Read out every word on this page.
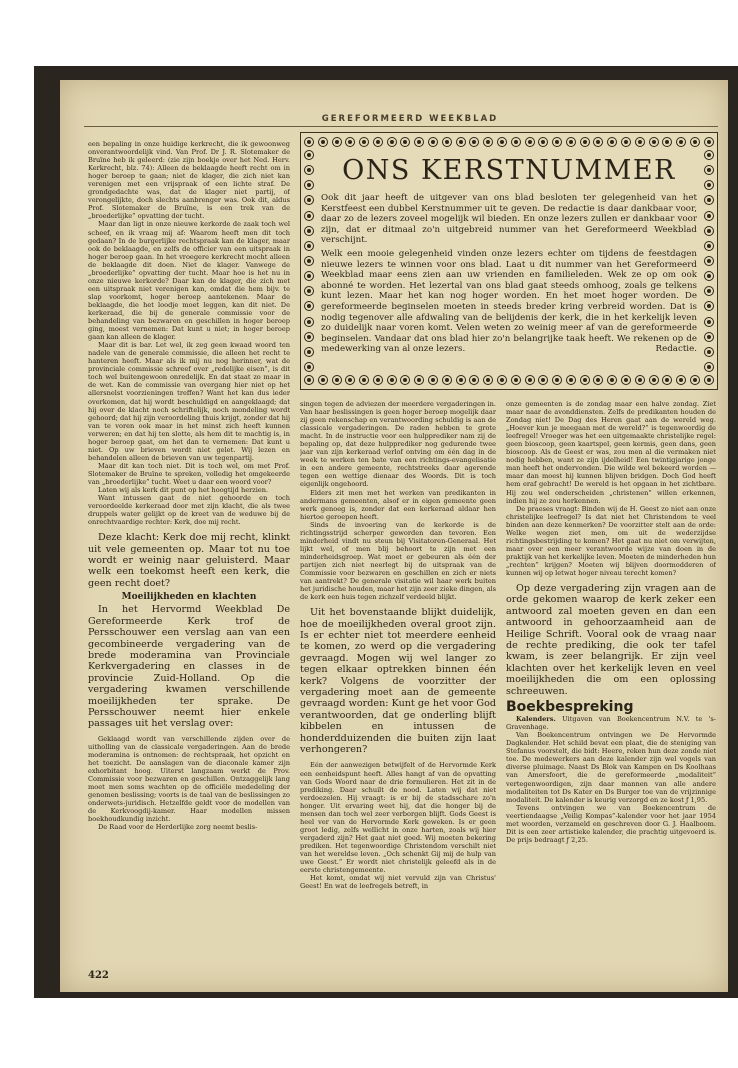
GEREFORMEERD WEEKBLAD

een bepaling in onze huidige kerkrecht, die ik gewoonweg onverantwoordelijk vind. Van Prof. Dr J. R. Slotemaker de Bruïne heb ik geleerd: (zie zijn boekje over het Ned. Herv. Kerkrecht, blz. 74): Alleen de beklaagde heeft recht om in hoger beroep te gaan; niet de klager, die zich niet kan verenigen met een vrijspraak of een lichte straf. De grondgedachte was, dat de klager niet partij, of verongelijkte, doch slechts aanbrenger was. Ook dit, aldus Prof. Slotemaker de Bruïne, is een trek van de „broederlijke” opvatting der tucht.

Maar dan ligt in onze nieuwe kerkorde de zaak toch wel scheef, en ik vraag mij af: Waarom heeft men dit toch gedaan? In de burgerlijke rechtspraak kan de klager, maar ook de beklaagde, en zelfs de officier van een uitspraak in hoger beroep gaan. In het vroegere kerkrecht mocht alleen de beklaagde dit doen. Niet de klager. Vanwege de „broederlijke” opvatting der tucht. Maar hoe is het nu in onze nieuwe kerkorde? Daar kan de klager, die zich met een uitspraak niet verenigen kan, omdat die hem bijv. te slap voorkomt, hoger beroep aantekenen. Maar de beklaagde, die het loodje moet leggen, kan dit niet. De kerkeraad, die bij de generale commissie voor de behandeling van bezwaren en geschillen in hoger beroep ging, moest vernemen: Dat kunt u niet; in hoger beroep gaan kan alleen de klager.

Maar dit is bar. Let wel, ik zeg geen kwaad woord ten nadele van de generale commissie, die alleen het recht te hanteren heeft. Maar als ik mij nu nog herinner, wat de provinciale commissie schreef over „redelijke eisen”, is dit toch wel buitengewoon onredelijk. En dat staat zo maar in de wet. Kan de commissie van overgang hier niet op het allersnelst voorzieningen treffen? Want het kan dus ieder overkomen, dat hij wordt beschuldigd en aangeklaagd; dat hij over de klacht noch schriftelijk, noch mondeling wordt gehoord; dat hij zijn veroordeling thuis krijgt, zonder dat hij van te voren ook maar in het minst zich heeft kunnen verweren; en dat hij ten slotte, als hem dit te machtig is, in hoger beroep gaat, om het dan te vernemen: Dat kunt u niet. Op uw brieven wordt niet gelet. Wij lezen en behandelen alleen de brieven van uw tegenpartij.

Maar dit kan toch niet. Dit is toch wel, om met Prof. Slotemaker de Bruïne te spreken, volledig het omgekeerde van „broederlijke” tucht. Weet u daar een woord voor?

Laten wij als kerk dit punt op het hoogtijd herzien.

Want intussen gaat de niet gehoorde en toch veroordeelde kerkeraad door met zijn klacht, die als twee druppels water gelijkt op de kreet van de weduwe bij de onrechtvaardige rechter: Kerk, doe mij recht.

Deze klacht: Kerk doe mij recht, klinkt uit vele gemeenten op. Maar tot nu toe wordt er weinig naar geluisterd. Maar welk een toekomst heeft een kerk, die geen recht doet?

Moeilijkheden en klachten

In het Hervormd Weekblad De Gereformeerde Kerk trof de Persschouwer een verslag aan van een gecombineerde vergadering van de brede moderamina van Provinciale Kerkvergadering en classes in de provincie Zuid-Holland. Op die vergadering kwamen verschillende moeilijkheden ter sprake. De Persschouwer neemt hier enkele passages uit het verslag over:

Geklaagd wordt van verschillende zijden over de uitholling van de classicale vergaderingen. Aan de brede moderamina is ontnomen: de rechtspraak, het opzicht en het toezicht. De aanslagen van de diaconale kamer zijn exhorbitant hoog. Uiterst langzaam werkt de Prov. Commissie voor bezwaren en geschillen. Ontzaggelijk lang moet men soms wachten op de officiële mededeling der genomen beslissing; voorts is de taal van de beslissingen zo onderwets-juridisch. Hetzelfde geldt voor de modellen van de Kerkvoogdij-kamer. Haar modellen missen boekhoudkundig inzicht.

De Raad voor de Herderlijke zorg neemt beslis-

ONS KERSTNUMMER

Ook dit jaar heeft de uitgever van ons blad besloten ter gelegenheid van het Kerstfeest een dubbel Kerstnummer uit te geven. De redactie is daar dankbaar voor, daar zo de lezers zoveel mogelijk wil bieden. En onze lezers zullen er dankbaar voor zijn, dat er ditmaal zo'n uitgebreid nummer van het Gereformeerd Weekblad verschijnt.

Welk een mooie gelegenheid vinden onze lezers echter om tijdens de feestdagen nieuwe lezers te winnen voor ons blad. Laat u dit nummer van het Gereformeerd Weekblad maar eens zien aan uw vrienden en familieleden. Wek ze op om ook abonné te worden. Het lezertal van ons blad gaat steeds omhoog, zoals ge telkens kunt lezen. Maar het kan nog hoger worden. En het moet hoger worden. De gereformeerde beginselen moeten in steeds breder kring verbreid worden. Dat is nodig tegenover alle afdwaling van de belijdenis der kerk, die in het kerkelijk leven zo duidelijk naar voren komt. Velen weten zo weinig meer af van de gereformeerde beginselen. Vandaar dat ons blad hier zo'n belangrijke taak heeft. We rekenen op de medewerking van al onze lezers.	Redactie.

singen tegen de adviezen der meerdere vergaderingen in. Van haar beslissingen is geen hoger beroep mogelijk daar zij geen rekenschap en verantwoording schuldig is aan de classicale vergaderingen. De raden hebben te grote macht. In de instructie voor een hulpprediker nam zij de bepaling op, dat deze hulpprediker nog gedurende twee jaar van zijn kerkeraad verlof ontving om één dag in de week te werken ten bate van een richtings-evangelisatie in een andere gemeente, rechtstreeks daar agerende tegen een wettige dienaar des Woords. Dit is toch eigenlijk ongehoord.

Elders zit men met het werken van predikanten in andermans gemeenten, alsof er in eigen gemeente geen werk genoeg is, zonder dat een kerkeraad aldaar hen hiertoe geroepen heeft.

Sinds de invoering van de kerkorde is de richtingsstrijd scherper geworden dan tevoren. Een minderheid vindt nu steun bij Visitatoren-Generaal. Het lijkt wel, of men blij behoort te zijn met een minderheidsgroep. Wat moet er gebeuren als één der partijen zich niet neerlegt bij de uitspraak van de Commissie voor bezwaren en geschillen en zich er niets van aantrekt? De generale visitatie wil haar werk buiten het juridische houden, maar het zijn zeer zieke dingen, als de kerk een huis tegen zichzelf verdeeld blijkt.

Uit het bovenstaande blijkt duidelijk, hoe de moeilijkheden overal groot zijn. Is er echter niet tot meerdere eenheid te komen, zo werd op die vergadering gevraagd. Mogen wij wel langer zo tegen elkaar optrekken binnen één kerk? Volgens de voorzitter der vergadering moet aan de gemeente gevraagd worden: Kunt ge het voor God verantwoorden, dat ge onderling blijft kibbelen en intussen de honderdduizenden die buiten zijn laat verhongeren?

Eén der aanwezigen betwijfelt of de Hervormde Kerk een eenheidspunt heeft. Alles hangt af van de opvatting van Gods Woord naar de drie formulieren. Het zit in de prediking. Daar schuilt de nood. Laten wij dat niet verdoezelen. Hij vraagt: is er bij de stadsschare zo'n honger. Uit ervaring weet hij, dat die honger bij de mensen dan toch wel zeer verborgen blijft. Gods Geest is heel ver van de Hervormde Kerk geweken. Is er geen groot ledig, zelfs wellicht in onze harten, zoals wij hier vergaderd zijn? Het gaat niet goed. Wij moeten bekering prediken. Het tegenwoordige Christendom verschilt niet van het wereldse leven. „Och schenkt Gij mij de hulp van uwe Geest.” Er wordt niet christelijk geleefd als in de eerste christengemeente.

Het komt, omdat wij niet vervuld zijn van Christus' Geest! En wat de leefregels betreft, in

onze gemeenten is de zondag maar een halve zondag. Ziet maar naar de avonddiensten. Zelfs de predikanten houden de Zondag niet! De Dag des Heren gaat aan de wereld weg. „Hoever kun je meegaan met de wereld?” is tegenwoordig de leefregel! Vroeger was het een uitgemaakte christelijke regel: geen bioscoop, geen kaartspel, geen kermis, geen dans, geen bioscoop. Als de Geest er was, zou men al die vermaken niet nodig hebben, want ze zijn ijdelheid! Een twintigjarige jonge man heeft het ondervonden. Die wilde wel bekeerd worden — maar dan moest hij kunnen blijven bridgen. Doch God heeft hem eraf gebracht! De wereld is het opgaan in het zichtbare. Hij zou wel onderscheiden „christenen” willen erkennen, indien hij ze zou herkennen.

De praeses vraagt: Binden wij de H. Geest zo niet aan onze christelijke leefregel? Is dat niet het Christendom te veel binden aan deze kenmerken? De voorzitter stelt aan de orde: Welke wegen ziet men, om uit de wederzijdse richtingsbestrijding te komen? Het gaat nu niet om verwijten, maar over een meer verantwoorde wijze van doen in de praktijk van het kerkelijke leven. Moeten de minderheden hun „rechten” krijgen? Moeten wij blijven doormodderen of kunnen wij op letwat hoger niveau terecht komen?

Op deze vergadering zijn vragen aan de orde gekomen waarop de kerk zeker een antwoord zal moeten geven en dan een antwoord in gehoorzaamheid aan de Heilige Schrift. Vooral ook de vraag naar de rechte prediking, die ook ter tafel kwam, is zeer belangrijk. Er zijn veel klachten over het kerkelijk leven en veel moeilijkheden die om een oplossing schreeuwen.

Boekbespreking

Kalenders. Uitgaven van Boekencentrum N.V. te 's-Gravenhage.

Van Boekencentrum ontvingen we De Hervormde Dagkalender. Het schild bevat een plaat, die de steniging van Stefanus voorstelt, die bidt: Heere, reken hun deze zonde niet toe. De medewerkers aan deze kalender zijn wel vogels van diverse pluimage. Naast Ds Blok van Kampen en Ds Koolhaas van Amersfoort, die de gereformeerde „modaliteit” vertegenwoordigen, zijn daar mannen van alle andere modaliteiten tot Ds Kater en Ds Burger toe van de vrijzinnige modaliteit. De kalender is keurig verzorgd en ze kost ƒ 1,95.

Tevens ontvingen we van Boekencentrum de veertiendaagse „Veilig Kompas”-kalender voor het jaar 1954 met woorden, verzameld en geschreven door G. J. Haalboom. Dit is een zeer artistieke kalender, die prachtig uitgevoerd is. De prijs bedraagt ƒ 2,25.

422
